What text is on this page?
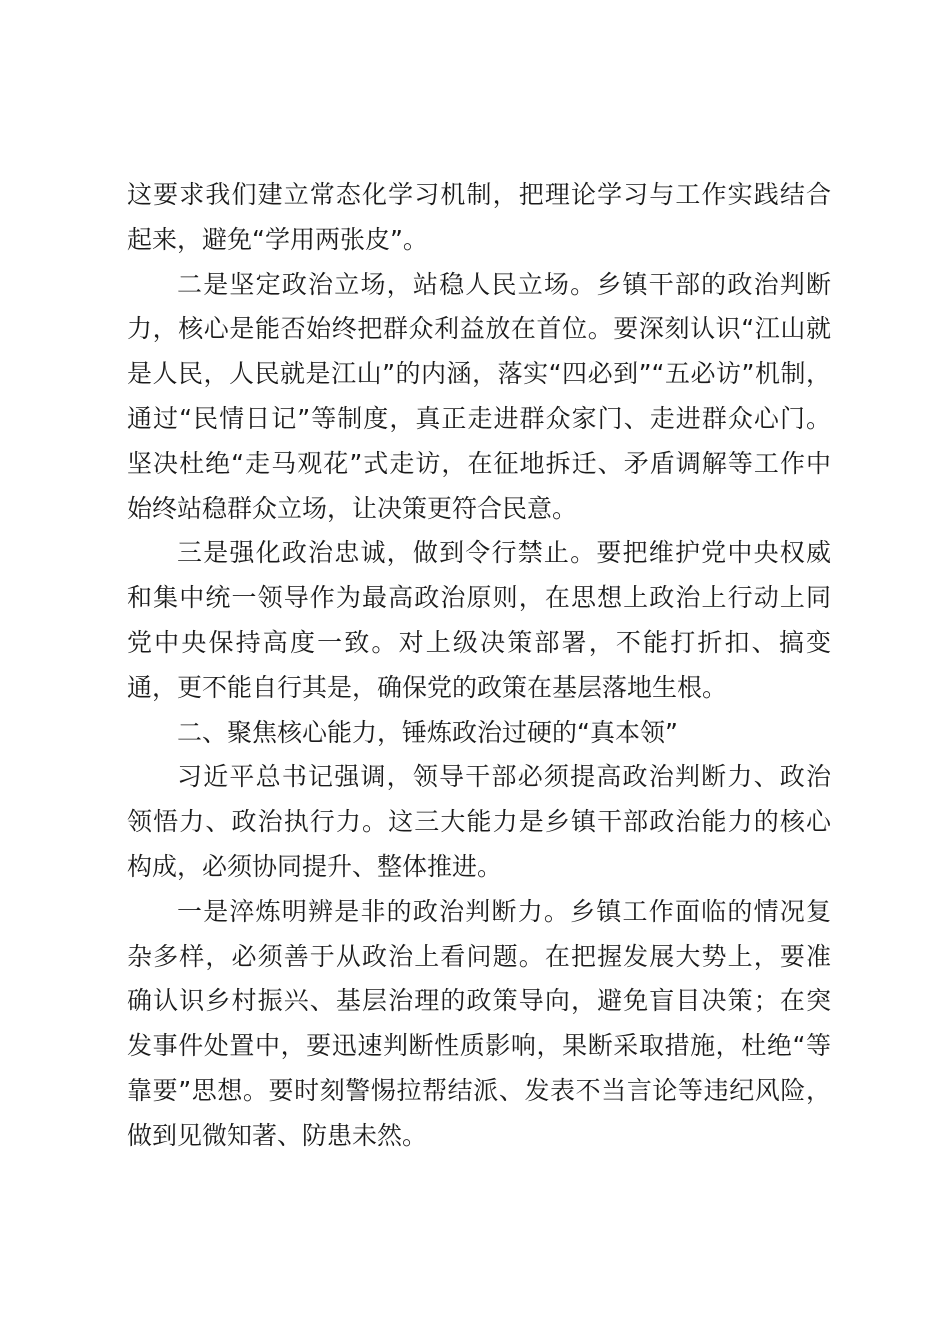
这要求我们建立常态化学习机制，把理论学习与工作实践结合
起来，避免“学用两张皮”。
二是坚定政治立场，站稳人民立场。乡镇干部的政治判断
力，核心是能否始终把群众利益放在首位。要深刻认识“江山就
是人民，人民就是江山”的内涵，落实“四必到”“五必访”机制，
通过“民情日记”等制度，真正走进群众家门、走进群众心门。
坚决杜绝“走马观花”式走访，在征地拆迁、矛盾调解等工作中
始终站稳群众立场，让决策更符合民意。
三是强化政治忠诚，做到令行禁止。要把维护党中央权威
和集中统一领导作为最高政治原则，在思想上政治上行动上同
党中央保持高度一致。对上级决策部署，不能打折扣、搞变
通，更不能自行其是，确保党的政策在基层落地生根。
二、聚焦核心能力，锤炼政治过硬的“真本领”
习近平总书记强调，领导干部必须提高政治判断力、政治
领悟力、政治执行力。这三大能力是乡镇干部政治能力的核心
构成，必须协同提升、整体推进。
一是淬炼明辨是非的政治判断力。乡镇工作面临的情况复
杂多样，必须善于从政治上看问题。在把握发展大势上，要准
确认识乡村振兴、基层治理的政策导向，避免盲目决策；在突
发事件处置中，要迅速判断性质影响，果断采取措施，杜绝“等
靠要”思想。要时刻警惕拉帮结派、发表不当言论等违纪风险，
做到见微知著、防患未然。
